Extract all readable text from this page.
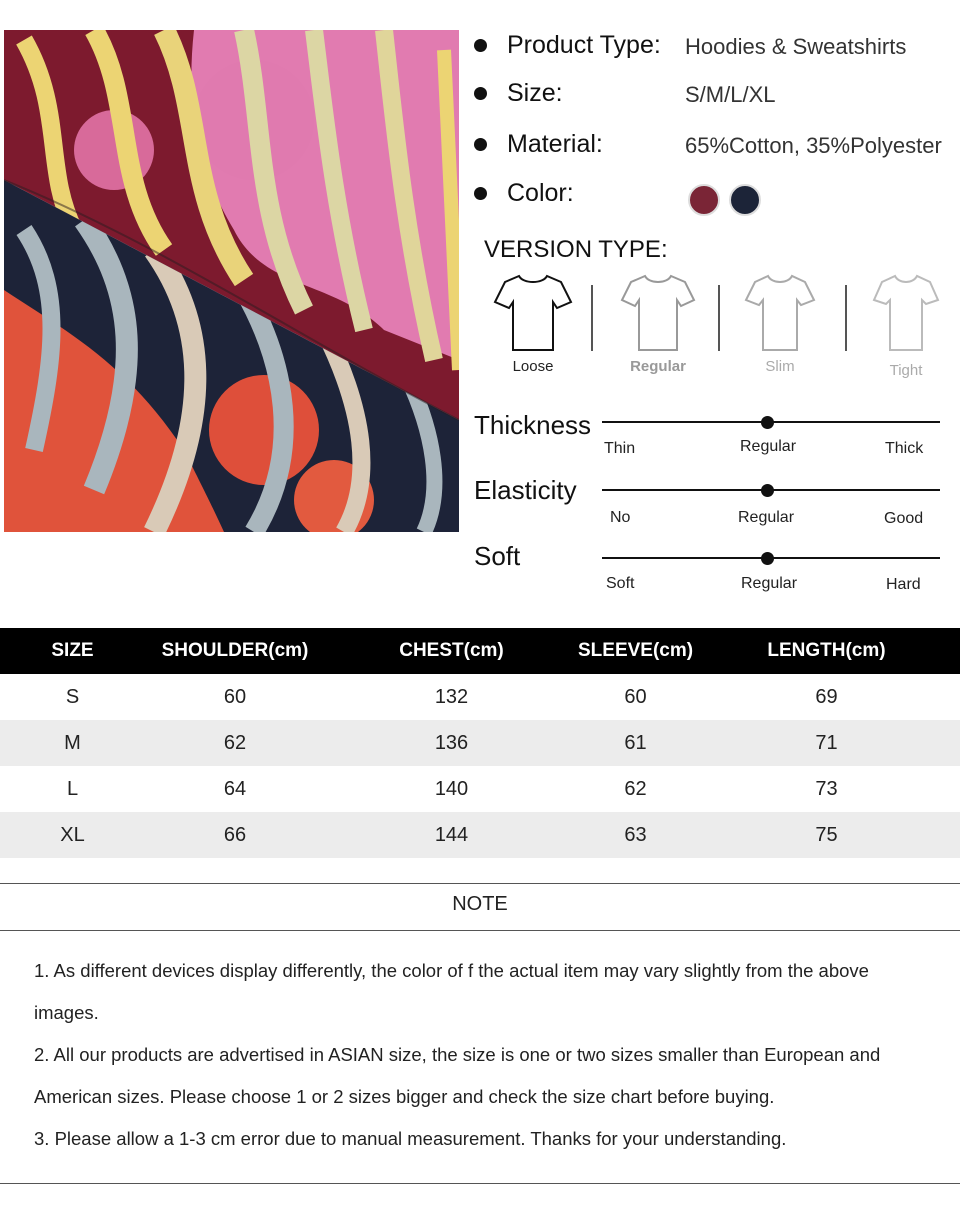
Product Type: Hoodies & Sweatshirts
Size:	S/M/L/XL
Material:	65%Cotton, 35%Polyester
Color:
VERSION TYPE:
Loose	Regular	Slim	Tight
Thickness
Thin	Regular	Thick
Elasticity
No	Regular	Good
Soft
Soft	Regular	Hard
SIZE	SHOULDER(cm)	CHEST(cm)	SLEEVE(cm)	LENGTH(cm)
S	60	132	60	69
M	62	136	61	71
L	64	140	62	73
XL	66	144	63	75
NOTE

1. As different devices display differently, the color of f the actual item may vary slightly from the above images.

2. All our products are advertised in ASIAN size, the size is one or two sizes smaller than European and American sizes. Please choose 1 or 2 sizes bigger and check the size chart before buying.

3. Please allow a 1-3 cm error due to manual measurement. Thanks for your understanding.
